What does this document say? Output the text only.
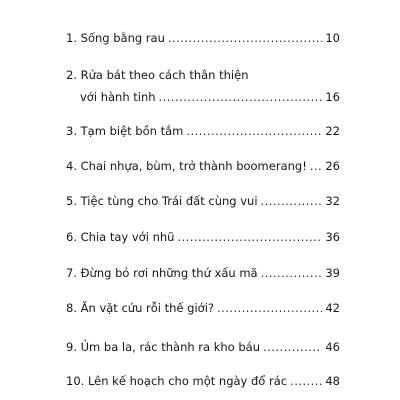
1. Sống bằng rau . . .	10
2. Rửa bát theo cách thân thiện
với hành tinh . . .	16
3. Tạm biệt bồn tắm . . .	22
4. Chai nhựa, bùm, trở thành boomerang! . . . 26
5. Tiệc tùng cho Trái đất cùng vui . . .	32
6. Chia tay với nhũ . . .	36
7. Đừng bỏ rơi những thứ xấu mã . . .	39
8. Ăn vặt cứu rỗi thế giới? . . .	42
9. Ủm ba la, rác thành ra kho báu . . .	46
10. Lên kế hoạch cho một ngày đổ rác . . .	48
